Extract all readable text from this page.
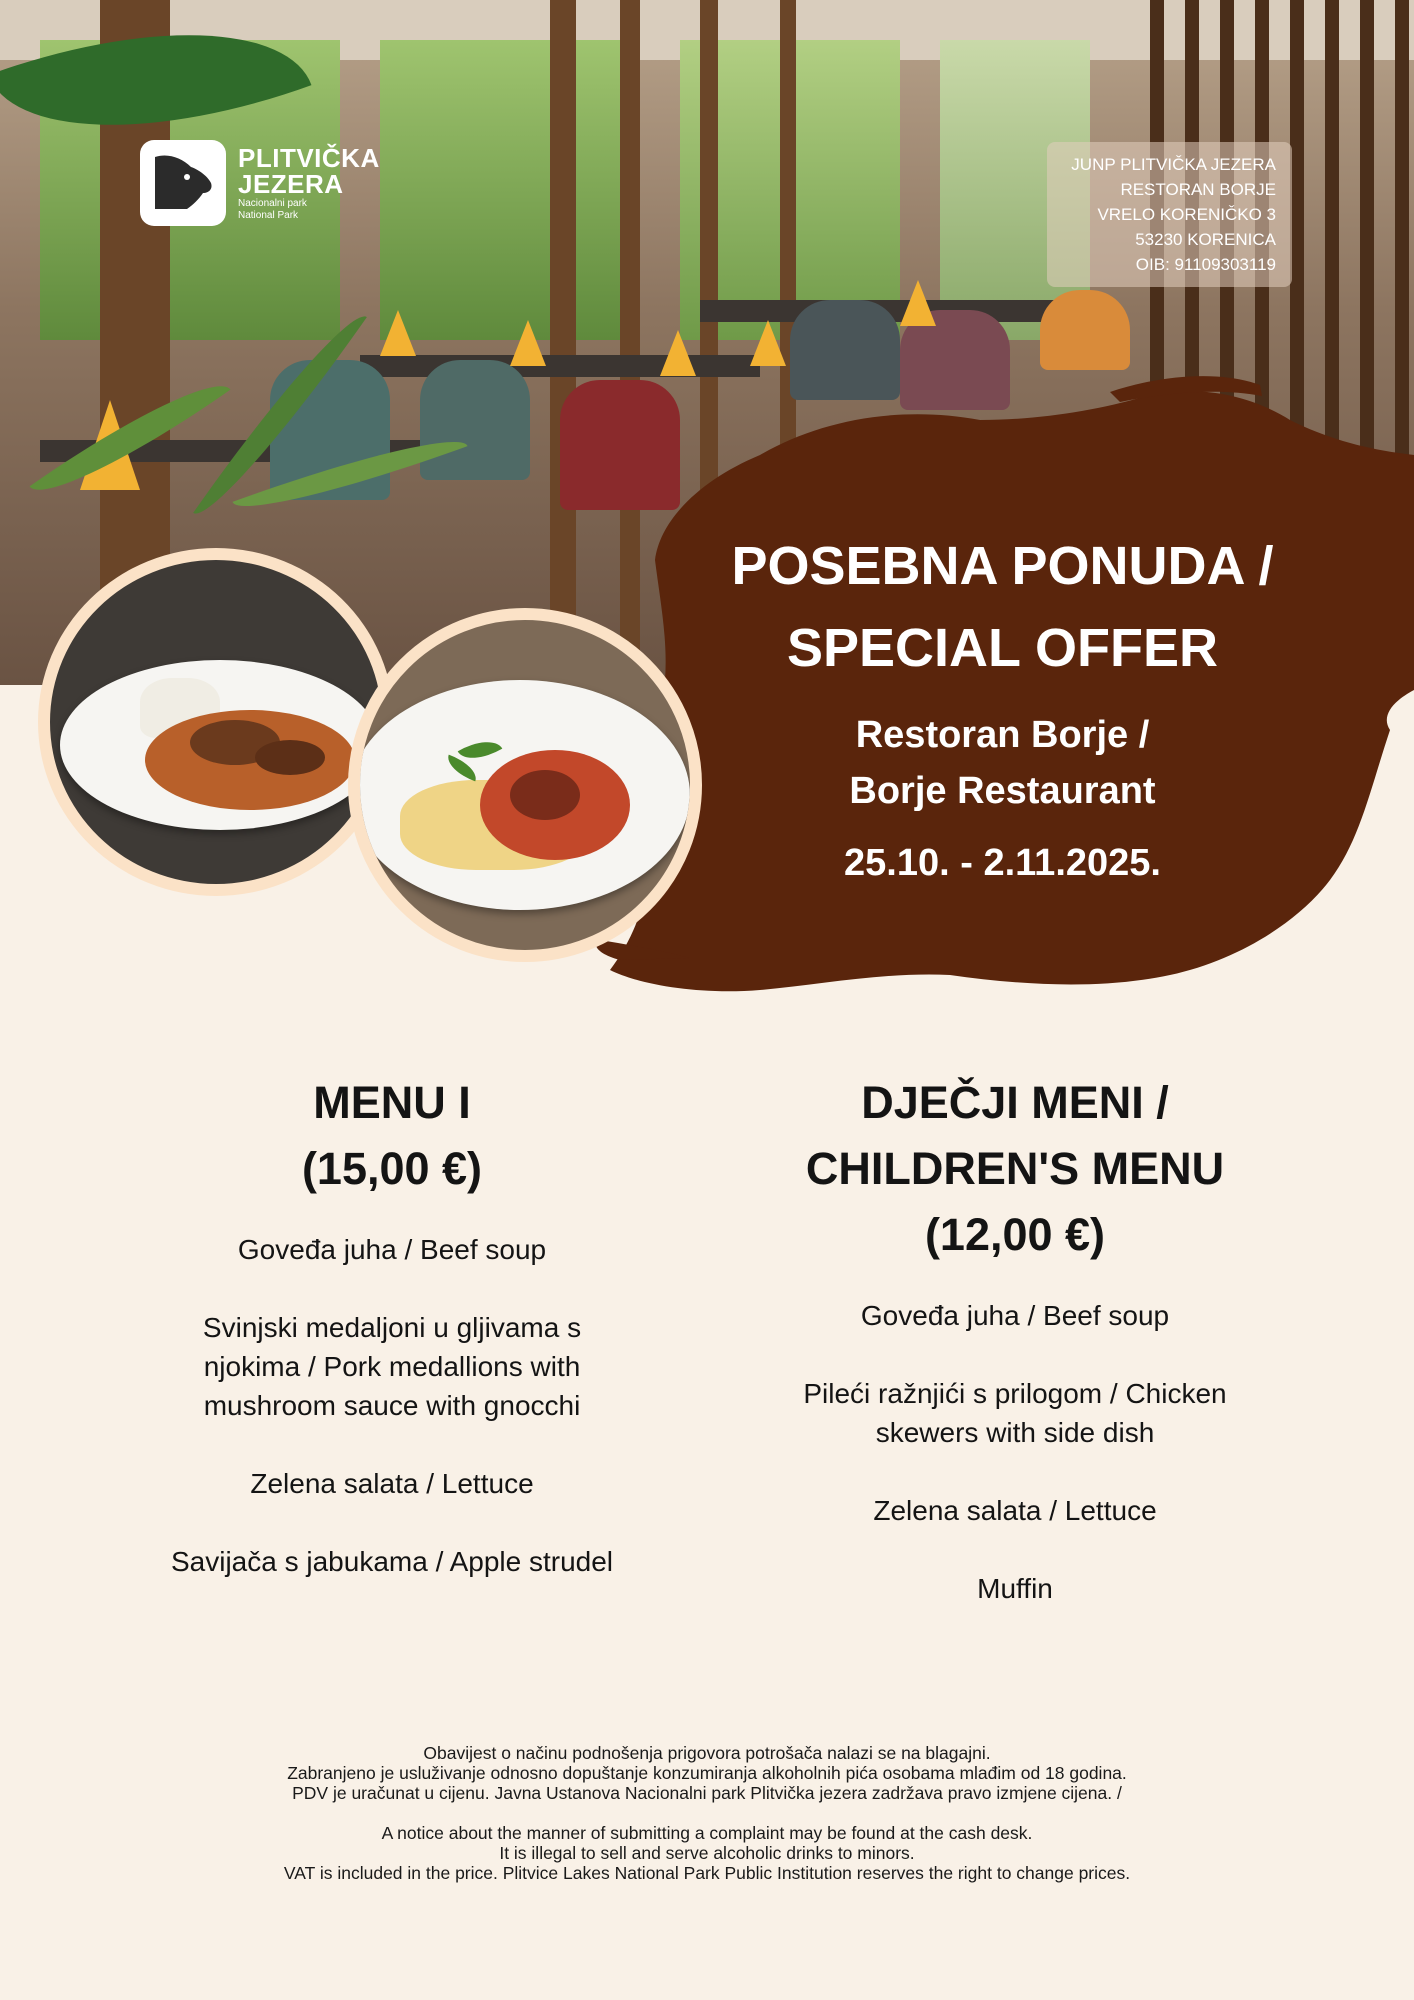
PLITVIČKA
JEZERA
Nacionalni park
National Park
JUNP PLITVIČKA JEZERA
RESTORAN BORJE
VRELO KORENIČKO 3
53230 KORENICA
OIB: 91109303119
POSEBNA PONUDA /
SPECIAL OFFER
Restoran Borje /
Borje Restaurant
25.10. - 2.11.2025.
MENU I
(15,00 €)
Goveđa juha / Beef soup
Svinjski medaljoni u gljivama s
njokima / Pork medallions with
mushroom sauce with gnocchi
Zelena salata / Lettuce
Savijača s jabukama / Apple strudel
DJEČJI MENI /
CHILDREN'S MENU
(12,00 €)
Goveđa juha / Beef soup
Pileći ražnjići s prilogom / Chicken
skewers with side dish
Zelena salata / Lettuce
Muffin
Obavijest o načinu podnošenja prigovora potrošača nalazi se na blagajni.
Zabranjeno je usluživanje odnosno dopuštanje konzumiranja alkoholnih pića osobama mlađim od 18 godina.
PDV je uračunat u cijenu. Javna Ustanova Nacionalni park Plitvička jezera zadržava pravo izmjene cijena. /
A notice about the manner of submitting a complaint may be found at the cash desk.
It is illegal to sell and serve alcoholic drinks to minors.
VAT is included in the price. Plitvice Lakes National Park Public Institution reserves the right to change prices.
